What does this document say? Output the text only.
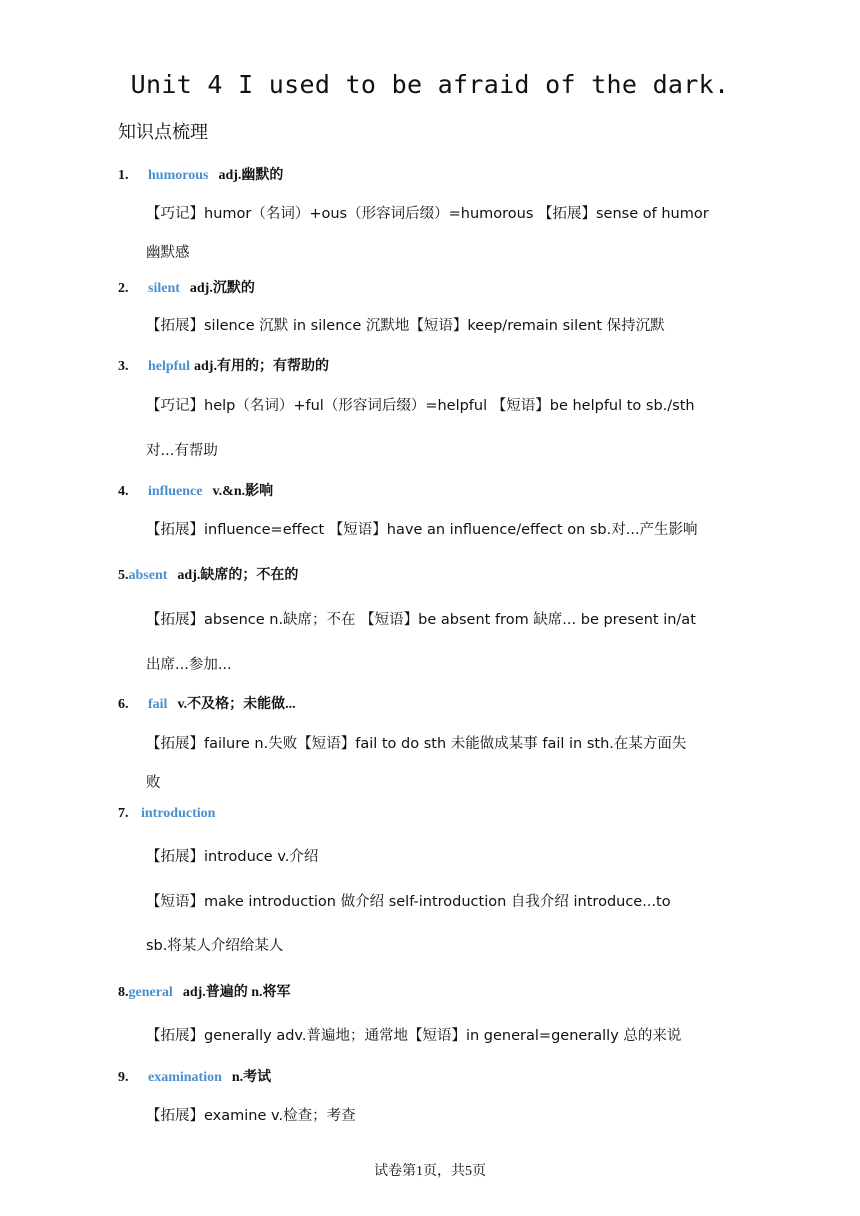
Unit 4 I used to be afraid of the dark.
知识点梳理
1. humorous adj.幽默的
【巧记】humor（名词）+ous（形容词后缀）=humorous 【拓展】sense of humor
幽默感
2. silent adj.沉默的
【拓展】silence 沉默 in silence 沉默地【短语】keep/remain silent 保持沉默
3. helpful adj.有用的；有帮助的
【巧记】help（名词）+ful（形容词后缀）=helpful 【短语】be helpful to sb./sth
对...有帮助
4. influence v.&n.影响
【拓展】influence=effect 【短语】have an influence/effect on sb.对...产生影响
5.absent adj.缺席的；不在的
【拓展】absence n.缺席；不在 【短语】be absent from 缺席... be present in/at
出席...参加...
6. fail v.不及格；未能做...
【拓展】failure n.失败【短语】fail to do sth 未能做成某事 fail in sth.在某方面失
败
7. introduction
【拓展】introduce v.介绍
【短语】make introduction 做介绍 self-introduction 自我介绍 introduce...to
sb.将某人介绍给某人
8.general adj.普遍的 n.将军
【拓展】generally adv.普遍地；通常地【短语】in general=generally 总的来说
9. examination n.考试
【拓展】examine v.检查；考查
试卷第1页，共5页
